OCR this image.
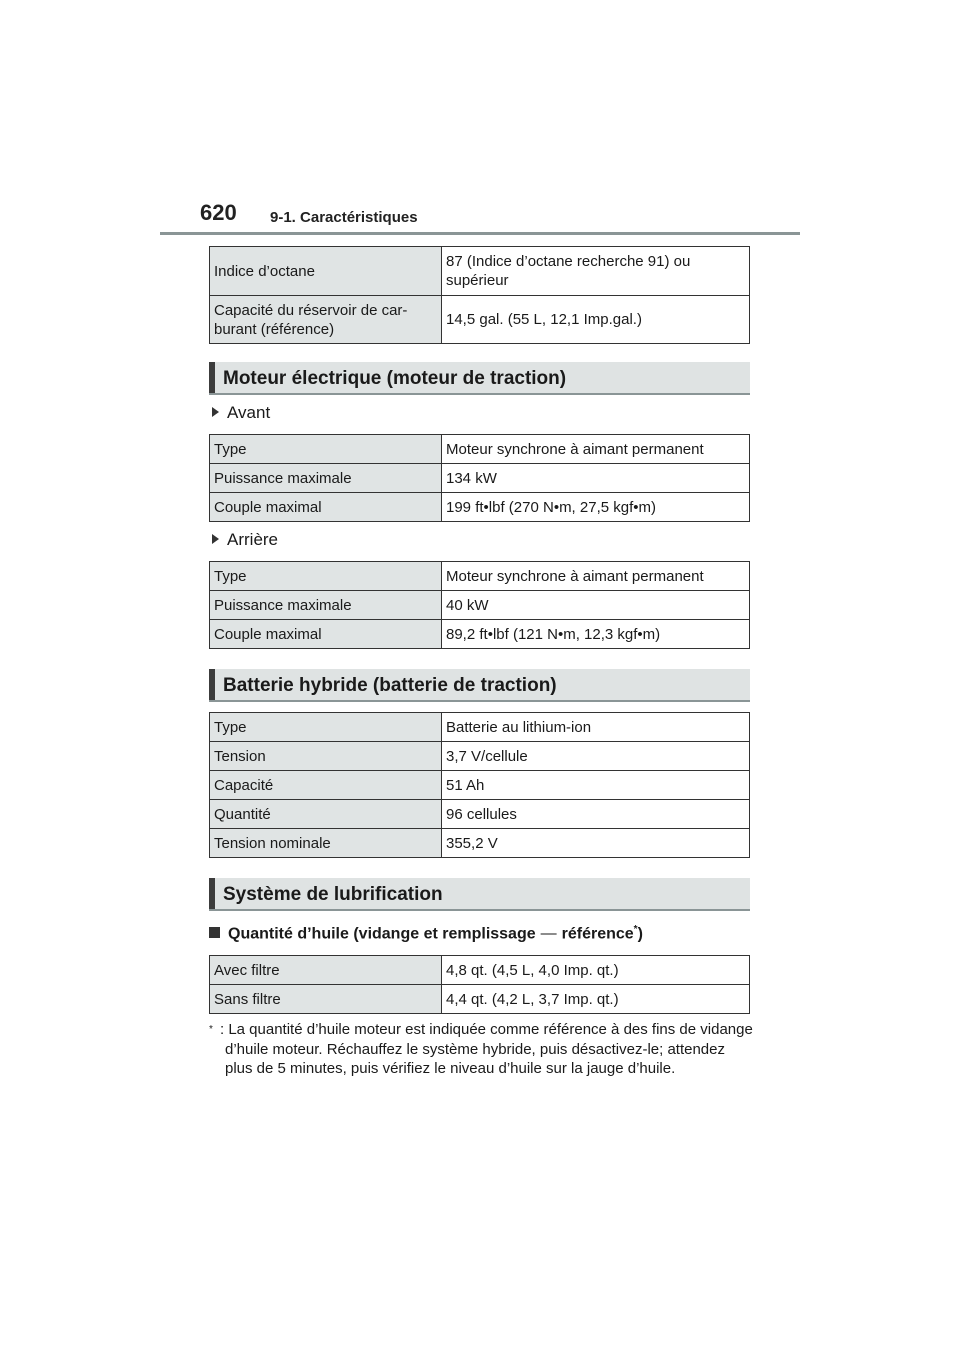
620 9-1. Caractéristiques
Indice d’octane	87 (Indice d’octane recherche 91) ou supérieur
Capacité du réservoir de car-burant (référence)	14,5 gal. (55 L, 12,1 Imp.gal.)
Moteur électrique (moteur de traction)
Avant
Type	Moteur synchrone à aimant permanent
Puissance maximale	134 kW
Couple maximal	199 ft•lbf (270 N•m, 27,5 kgf•m)
Arrière
Type	Moteur synchrone à aimant permanent
Puissance maximale	40 kW
Couple maximal	89,2 ft•lbf (121 N•m, 12,3 kgf•m)
Batterie hybride (batterie de traction)
Type	Batterie au lithium-ion
Tension	3,7 V/cellule
Capacité	51 Ah
Quantité	96 cellules
Tension nominale	355,2 V
Système de lubrification
Quantité d’huile (vidange et remplissage — référence*)
Avec filtre	4,8 qt. (4,5 L, 4,0 Imp. qt.)
Sans filtre	4,4 qt. (4,2 L, 3,7 Imp. qt.)
* : La quantité d’huile moteur est indiquée comme référence à des fins de vidange d’huile moteur. Réchauffez le système hybride, puis désactivez-le; attendez plus de 5 minutes, puis vérifiez le niveau d’huile sur la jauge d’huile.
